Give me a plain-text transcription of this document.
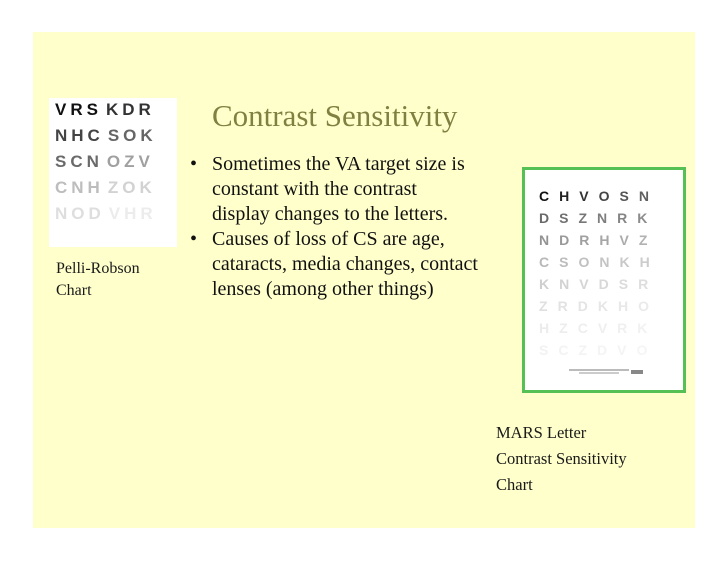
VRS KDR
NHC SOK
SCN OZV
CNH ZOK
NOD VHR
Pelli-Robson
Chart
Contrast Sensitivity
• Sometimes the VA target size is constant with the contrast display changes to the letters.
• Causes of loss of CS are age, cataracts, media changes, contact lenses (among other things)
CHVOSN
DSZNRK
NDRHVZ
CSONKH
KNVDSR
ZRDKHO
HZCVRK
SCZDVO
MARS Letter
Contrast Sensitivity
Chart
